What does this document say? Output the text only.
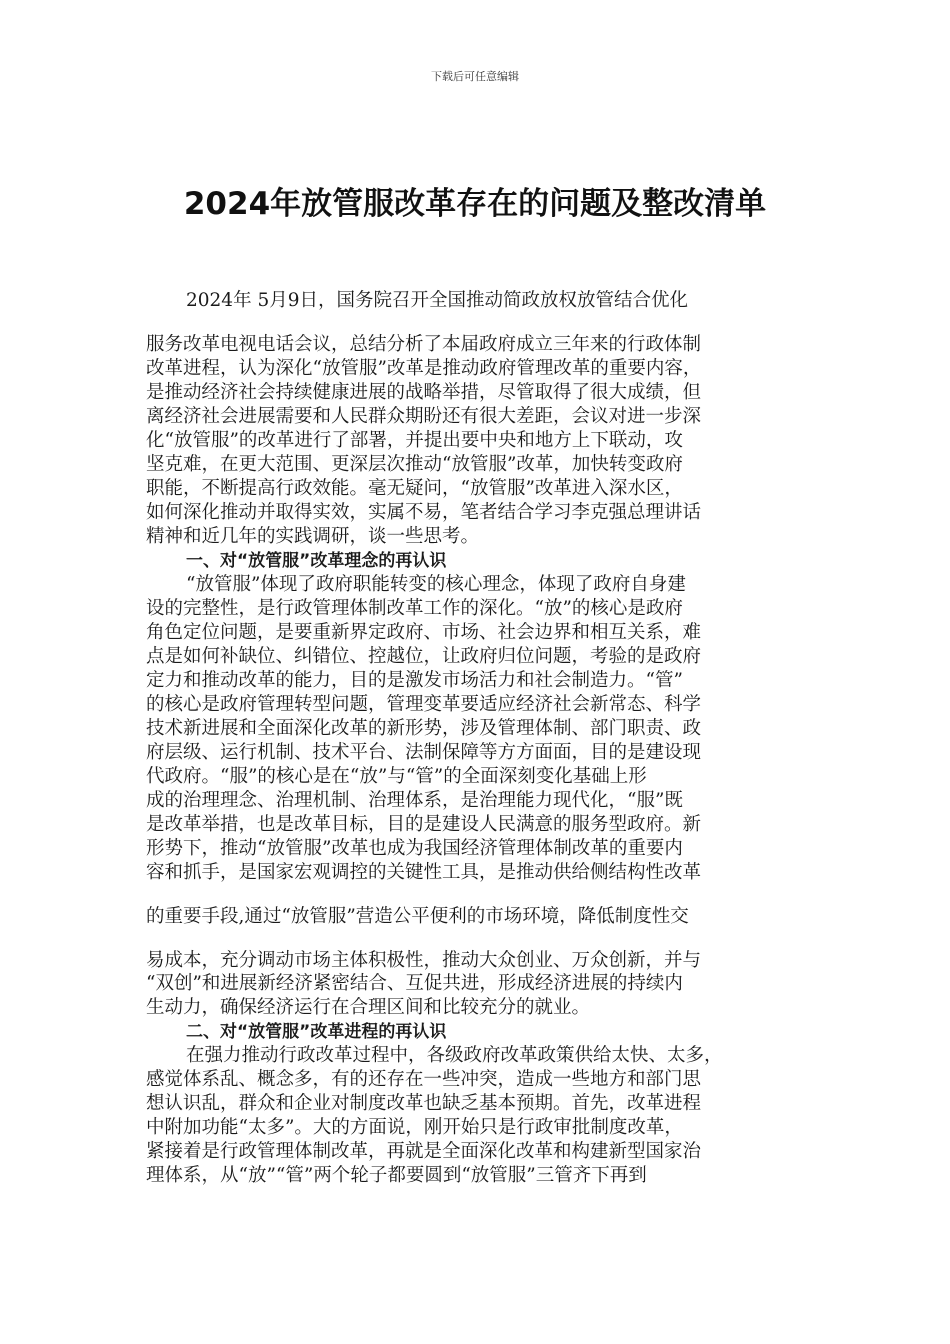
下载后可任意编辑
2024年放管服改革存在的问题及整改清单
2024年 5月9日，国务院召开全国推动简政放权放管结合优化
服务改革电视电话会议，总结分析了本届政府成立三年来的行政体制
改革进程，认为深化“放管服”改革是推动政府管理改革的重要内容，
是推动经济社会持续健康进展的战略举措，尽管取得了很大成绩，但
离经济社会进展需要和人民群众期盼还有很大差距，会议对进一步深
化“放管服”的改革进行了部署，并提出要中央和地方上下联动，攻
坚克难，在更大范围、更深层次推动“放管服”改革，加快转变政府
职能，不断提高行政效能。毫无疑问，“放管服”改革进入深水区，
如何深化推动并取得实效，实属不易，笔者结合学习李克强总理讲话
精神和近几年的实践调研，谈一些思考。
一、对“放管服”改革理念的再认识
“放管服”体现了政府职能转变的核心理念，体现了政府自身建
设的完整性，是行政管理体制改革工作的深化。“放”的核心是政府
角色定位问题，是要重新界定政府、市场、社会边界和相互关系，难
点是如何补缺位、纠错位、控越位，让政府归位问题，考验的是政府
定力和推动改革的能力，目的是激发市场活力和社会制造力。“管”
的核心是政府管理转型问题，管理变革要适应经济社会新常态、科学
技术新进展和全面深化改革的新形势，涉及管理体制、部门职责、政
府层级、运行机制、技术平台、法制保障等方方面面，目的是建设现
代政府。“服”的核心是在“放”与“管”的全面深刻变化基础上形
成的治理理念、治理机制、治理体系，是治理能力现代化，“服”既
是改革举措，也是改革目标，目的是建设人民满意的服务型政府。新
形势下，推动“放管服”改革也成为我国经济管理体制改革的重要内
容和抓手，是国家宏观调控的关键性工具，是推动供给侧结构性改革
的重要手段,通过“放管服”营造公平便利的市场环境，降低制度性交
易成本，充分调动市场主体积极性，推动大众创业、万众创新，并与
“双创”和进展新经济紧密结合、互促共进，形成经济进展的持续内
生动力，确保经济运行在合理区间和比较充分的就业。
二、对“放管服”改革进程的再认识
在强力推动行政改革过程中，各级政府改革政策供给太快、太多，
感觉体系乱、概念多，有的还存在一些冲突，造成一些地方和部门思
想认识乱，群众和企业对制度改革也缺乏基本预期。首先，改革进程
中附加功能“太多”。大的方面说，刚开始只是行政审批制度改革，
紧接着是行政管理体制改革，再就是全面深化改革和构建新型国家治
理体系，从“放”“管”两个轮子都要圆到“放管服”三管齐下再到
